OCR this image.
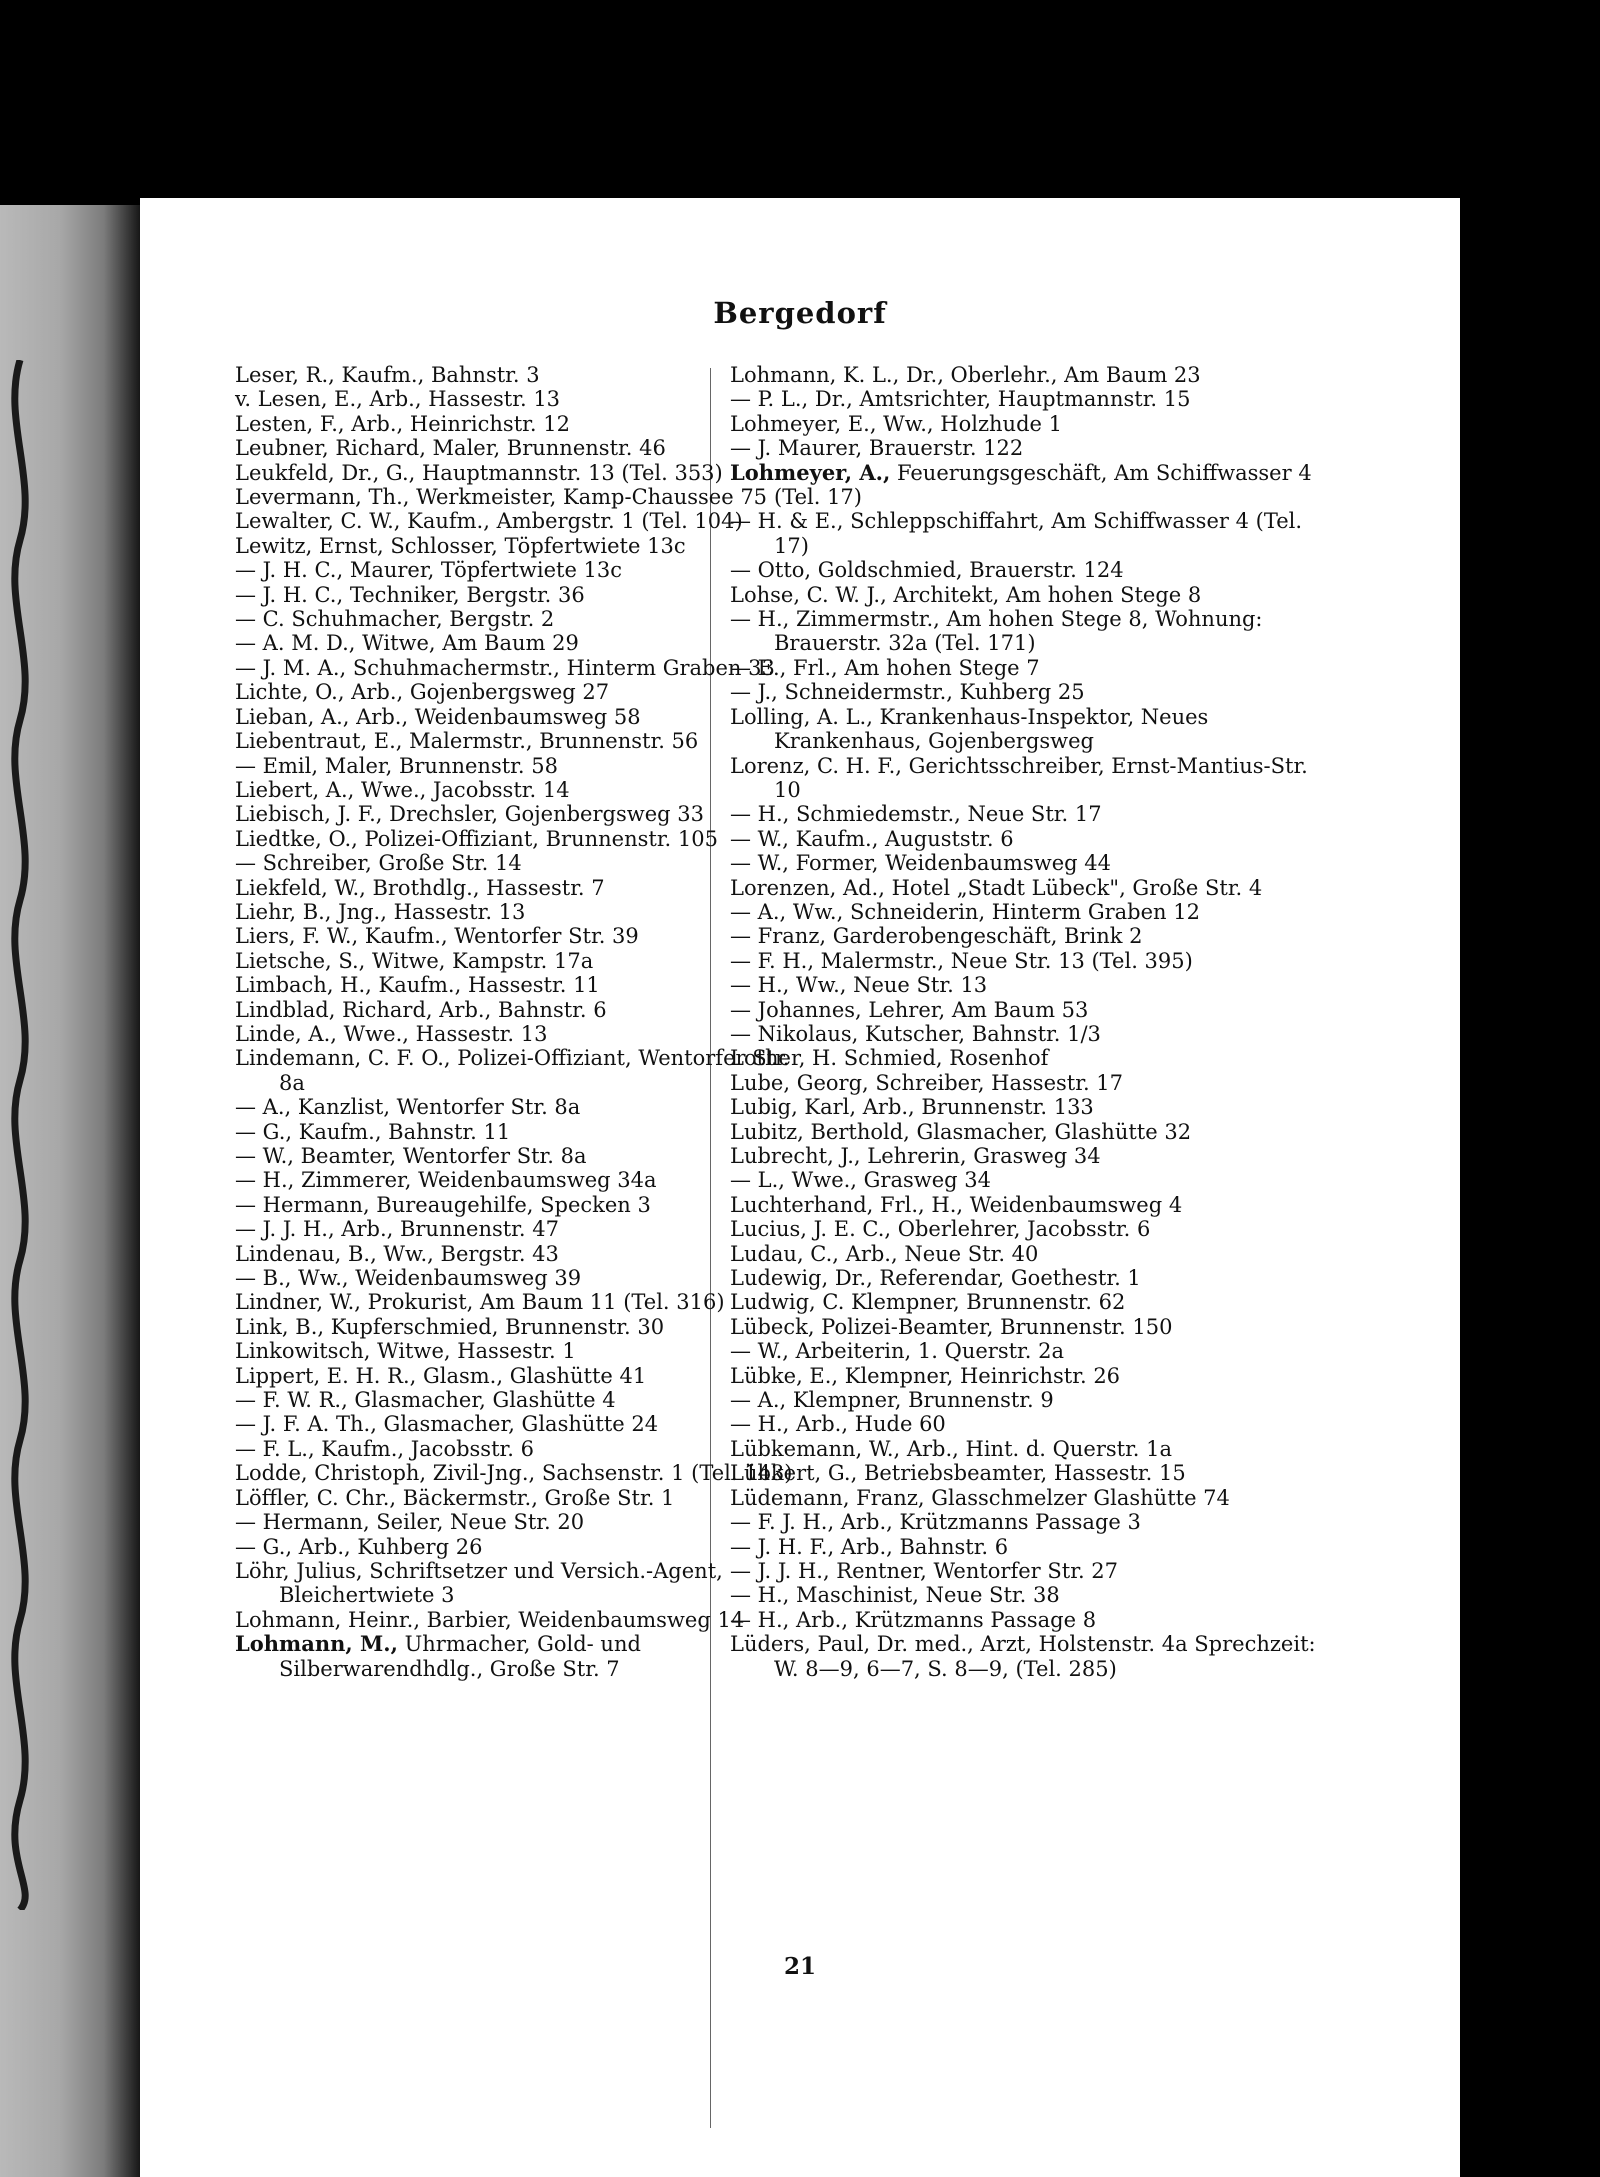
Bergedorf
Leser, R., Kaufm., Bahnstr. 3
v. Lesen, E., Arb., Hassestr. 13
Lesten, F., Arb., Heinrichstr. 12
Leubner, Richard, Maler, Brunnenstr. 46
Leukfeld, Dr., G., Hauptmannstr. 13 (Tel. 353)
Levermann, Th., Werkmeister, Kamp-Chaussee 75
Lewalter, C. W., Kaufm., Ambergstr. 1 (Tel. 104)
Lewitz, Ernst, Schlosser, Töpfertwiete 13c
— J. H. C., Maurer, Töpfertwiete 13c
— J. H. C., Techniker, Bergstr. 36
— C. Schuhmacher, Bergstr. 2
— A. M. D., Witwe, Am Baum 29
— J. M. A., Schuhmachermstr., Hinterm Graben 33
Lichte, O., Arb., Gojenbergsweg 27
Lieban, A., Arb., Weidenbaumsweg 58
Liebentraut, E., Malermstr., Brunnenstr. 56
— Emil, Maler, Brunnenstr. 58
Liebert, A., Wwe., Jacobsstr. 14
Liebisch, J. F., Drechsler, Gojenbergsweg 33
Liedtke, O., Polizei-Offiziant, Brunnenstr. 105
— Schreiber, Große Str. 14
Liekfeld, W., Brothdlg., Hassestr. 7
Liehr, B., Jng., Hassestr. 13
Liers, F. W., Kaufm., Wentorfer Str. 39
Lietsche, S., Witwe, Kampstr. 17a
Limbach, H., Kaufm., Hassestr. 11
Lindblad, Richard, Arb., Bahnstr. 6
Linde, A., Wwe., Hassestr. 13
Lindemann, C. F. O., Polizei-Offiziant, Wentorfer Str. 8a
— A., Kanzlist, Wentorfer Str. 8a
— G., Kaufm., Bahnstr. 11
— W., Beamter, Wentorfer Str. 8a
— H., Zimmerer, Weidenbaumsweg 34a
— Hermann, Bureaugehilfe, Specken 3
— J. J. H., Arb., Brunnenstr. 47
Lindenau, B., Ww., Bergstr. 43
— B., Ww., Weidenbaumsweg 39
Lindner, W., Prokurist, Am Baum 11 (Tel. 316)
Link, B., Kupferschmied, Brunnenstr. 30
Linkowitsch, Witwe, Hassestr. 1
Lippert, E. H. R., Glasm., Glashütte 41
— F. W. R., Glasmacher, Glashütte 4
— J. F. A. Th., Glasmacher, Glashütte 24
— F. L., Kaufm., Jacobsstr. 6
Lodde, Christoph, Zivil-Jng., Sachsenstr. 1 (Tel. 143)
Löffler, C. Chr., Bäckermstr., Große Str. 1
— Hermann, Seiler, Neue Str. 20
— G., Arb., Kuhberg 26
Löhr, Julius, Schriftsetzer und Versich.-Agent, Bleichertwiete 3
Lohmann, Heinr., Barbier, Weidenbaumsweg 14
Lohmann, M., Uhrmacher, Gold- und Silberwarendhdlg., Große Str. 7
Lohmann, K. L., Dr., Oberlehr., Am Baum 23
— P. L., Dr., Amtsrichter, Hauptmannstr. 15
Lohmeyer, E., Ww., Holzhude 1
— J. Maurer, Brauerstr. 122
Lohmeyer, A., Feuerungsgeschäft, Am Schiffwasser 4 (Tel. 17)
— H. & E., Schleppschiffahrt, Am Schiffwasser 4 (Tel. 17)
— Otto, Goldschmied, Brauerstr. 124
Lohse, C. W. J., Architekt, Am hohen Stege 8
— H., Zimmermstr., Am hohen Stege 8, Wohnung: Brauerstr. 32a (Tel. 171)
— E., Frl., Am hohen Stege 7
— J., Schneidermstr., Kuhberg 25
Lolling, A. L., Krankenhaus-Inspektor, Neues Krankenhaus, Gojenbergsweg
Lorenz, C. H. F., Gerichtsschreiber, Ernst-Mantius-Str. 10
— H., Schmiedemstr., Neue Str. 17
— W., Kaufm., Auguststr. 6
— W., Former, Weidenbaumsweg 44
Lorenzen, Ad., Hotel „Stadt Lübeck", Große Str. 4
— A., Ww., Schneiderin, Hinterm Graben 12
— Franz, Garderobengeschäft, Brink 2
— F. H., Malermstr., Neue Str. 13 (Tel. 395)
— H., Ww., Neue Str. 13
— Johannes, Lehrer, Am Baum 53
— Nikolaus, Kutscher, Bahnstr. 1/3
Lother, H. Schmied, Rosenhof
Lube, Georg, Schreiber, Hassestr. 17
Lubig, Karl, Arb., Brunnenstr. 133
Lubitz, Berthold, Glasmacher, Glashütte 32
Lubrecht, J., Lehrerin, Grasweg 34
— L., Wwe., Grasweg 34
Luchterhand, Frl., H., Weidenbaumsweg 4
Lucius, J. E. C., Oberlehrer, Jacobsstr. 6
Ludau, C., Arb., Neue Str. 40
Ludewig, Dr., Referendar, Goethestr. 1
Ludwig, C. Klempner, Brunnenstr. 62
Lübeck, Polizei-Beamter, Brunnenstr. 150
— W., Arbeiterin, 1. Querstr. 2a
Lübke, E., Klempner, Heinrichstr. 26
— A., Klempner, Brunnenstr. 9
— H., Arb., Hude 60
Lübkemann, W., Arb., Hint. d. Querstr. 1a
Lübkert, G., Betriebsbeamter, Hassestr. 15
Lüdemann, Franz, Glasschmelzer Glashütte 74
— F. J. H., Arb., Krützmanns Passage 3
— J. H. F., Arb., Bahnstr. 6
— J. J. H., Rentner, Wentorfer Str. 27
— H., Maschinist, Neue Str. 38
— H., Arb., Krützmanns Passage 8
Lüders, Paul, Dr. med., Arzt, Holstenstr. 4a Sprechzeit: W. 8—9, 6—7, S. 8—9, (Tel. 285)
21
